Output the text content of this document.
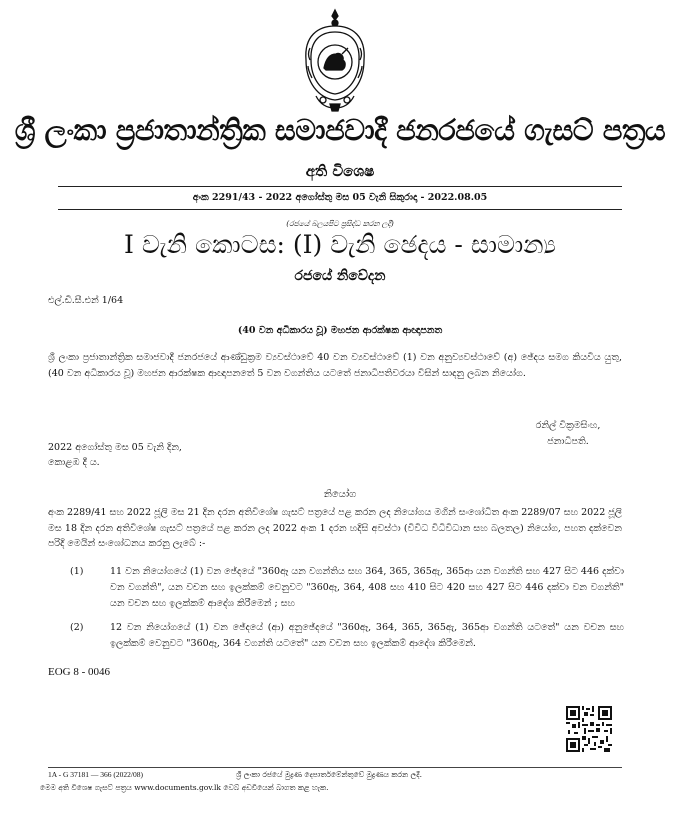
ශ්‍රී ලංකා ප්‍රජාතාන්ත්‍රික සමාජවාදී ජනරජයේ ගැසට් පත්‍රය
අති විශෙෂ
අංක 2291/43 - 2022 අගෝස්තු මස 05 වැනි සිකුරාදා - 2022.08.05
(රජයේ බලයපිට ප්‍රසිද්ධ කරන ලදී)
I වැනි කොටස: (I) වැනි ඡෙදය - සාමාන්‍ය
රජයේ නිවේදන
එල්.ඩී.සී.එන් 1/64
(40 වන අධිකාරය වූ) මහජන ආරක්ෂක ආඥාපනත
ශ්‍රී ලංකා ප්‍රජාතාන්ත්‍රික සමාජවාදී ජනරජයේ ආණ්ඩුක්‍රම ව්‍යවස්ථාවේ 40 වන ව්‍යවස්ථාවේ (1) වන අනුව්‍යවස්ථාවේ (අ) ඡේදය සමග කියවිය යුතු, (40 වන අධිකාරය වූ) මහජන ආරක්ෂක ආඥාපනතේ 5 වන වගන්තිය යටතේ ජනාධිපතිවරයා විසින් සාදනු ලබන නියෝග.
රනිල් වික්‍රමසිංහ,
ජනාධිපති.
2022 අගෝස්තු මස 05 වැනි දින,
කොළඹ දී ය.
නියෝග
අංක 2289/41 සහ 2022 ජූලි මස 21 දින දරන අතිවිශේෂ ගැසට් පත්‍රයේ පළ කරන ලද නියෝගය මගින් සංශෝධිත අංක 2289/07 සහ 2022 ජූලි මස 18 දින දරන අතිවිශේෂ ගැසට් පත්‍රයේ පළ කරන ලද 2022 අංක 1 දරන හදිසි අවස්ථා (විවිධ විධිවිධාන සහ බලතල) නියෝග, පහත දක්වෙන පරිදි මෙයින් සංශෝධනය කරනු ලැබේ :-
(1)	11 වන නියෝගයේ (1) වන ඡේදයේ "360ඈ යන වගන්තිය සහ 364, 365, 365ඇ, 365ආ යන වගන්ති සහ 427 සිට 446 දක්වා වන වගන්ති", යන වචන සහ ඉලක්කම් වෙනුවට "360ඈ, 364, 408 සහ 410 සිට 420 සහ 427 සිට 446 දක්වා වන වගන්ති" යන වචන සහ ඉලක්කම් ආදේශ කිරීමෙන් ; සහ
(2)	12 වන නියෝගයේ (1) වන ඡේදයේ (ආ) අනුඡේදයේ "360ඈ, 364, 365, 365ඇ, 365ආ වගන්ති යටතේ" යන වචන සහ ඉලක්කම් වෙනුවට "360ඈ, 364 වගන්ති යටතේ" යන වචන සහ ඉලක්කම් ආදේශ කිරීමෙන්.
EOG 8 - 0046
1A - G 37181 — 366 (2022/08)	ශ්‍රී ලංකා රජයේ මුද්‍රණ දෙපාර්තමේන්තුවේ මුද්‍රණය කරන ලදී.
මෙම අති විශෙෂ ගැසට් පත්‍රය www.documents.gov.lk වෙබ් අඩවියෙන් බාගත කළ හැක.
